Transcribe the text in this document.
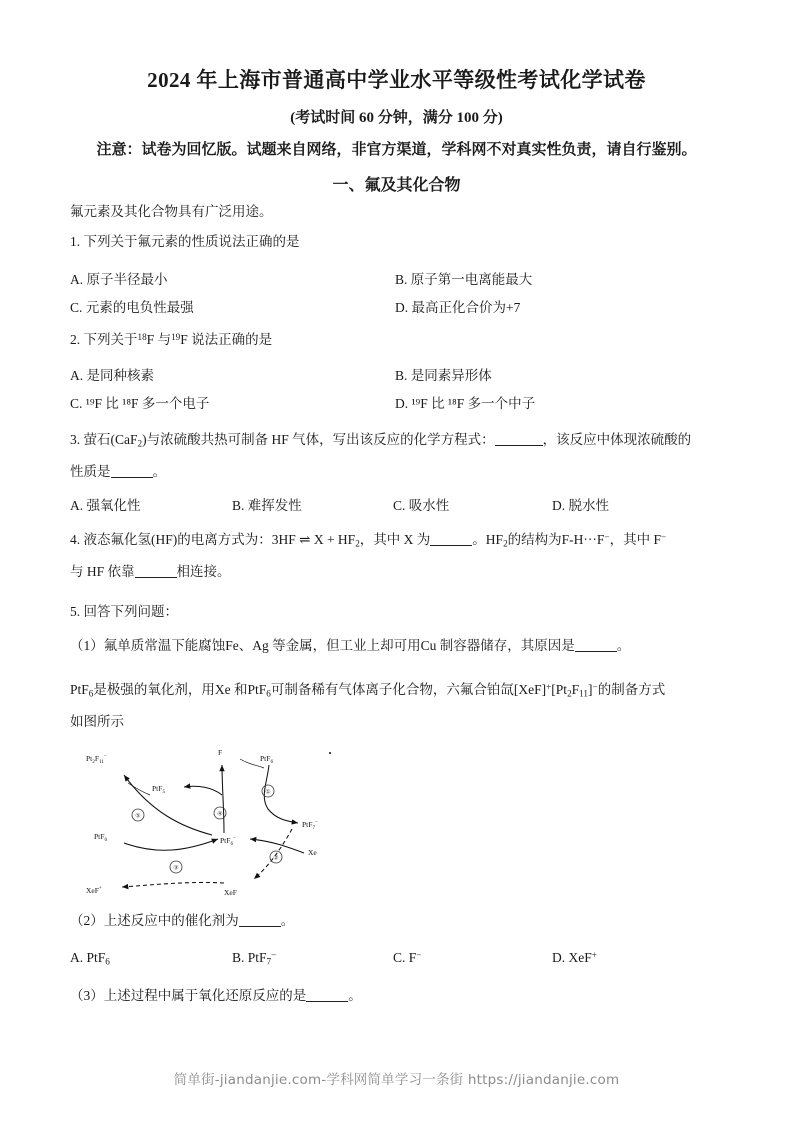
2024 年上海市普通高中学业水平等级性考试化学试卷
(考试时间 60 分钟，满分 100 分)
注意：试卷为回忆版。试题来自网络，非官方渠道，学科网不对真实性负责，请自行鉴别。
一、氟及其化合物
氟元素及其化合物具有广泛用途。
1. 下列关于氟元素的性质说法正确的是
A. 原子半径最小	B. 原子第一电离能最大
C. 元素的电负性最强	D. 最高正化合价为+7
2. 下列关于$^{18}$F 与$^{19}$F 说法正确的是
A. 是同种核素	B. 是同素异形体
C. ¹⁹F 比 ¹⁸F 多一个电子	D. ¹⁹F 比 ¹⁸F 多一个中子
3. 萤石(CaF$_2$)与浓硫酸共热可制备 HF 气体，写出该反应的化学方程式：	，该反应中体现浓硫酸的
性质是	。
A. 强氧化性	B. 难挥发性	C. 吸水性	D. 脱水性
4. 液态氟化氢(HF)的电离方式为：3HF ⇌ $X + HF_2$，其中 X 为	。$HF_2$的结构为F-H···F−，其中 F−
与 HF 依靠	相连接。
5. 回答下列问题：
（1）氟单质常温下能腐蚀Fe、Ag 等金属，但工业上却可用Cu 制容器储存，其原因是	。
PtF$_6$是极强的氧化剂，用Xe 和PtF$_6$可制备稀有气体离子化合物，六氟合铂氙$[XeF]^+[Pt_2F_{11}]^-$的制备方式
如图所示
①
②
③
④
⑤
$Pt_2F_{11}^-$	F
PtF$_6$
PtF$_5$
PtF$_7$−
PtF$_6$−
PtF$_6$
Xe
XeF+	XeF
（2）上述反应中的催化剂为	。
A. PtF$_6$	B. PtF$_7$−	C. F−	D. XeF+
（3）上述过程中属于氧化还原反应的是	。
简单街-jiandanjie.com-学科网简单学习一条街 https://jiandanjie.com
